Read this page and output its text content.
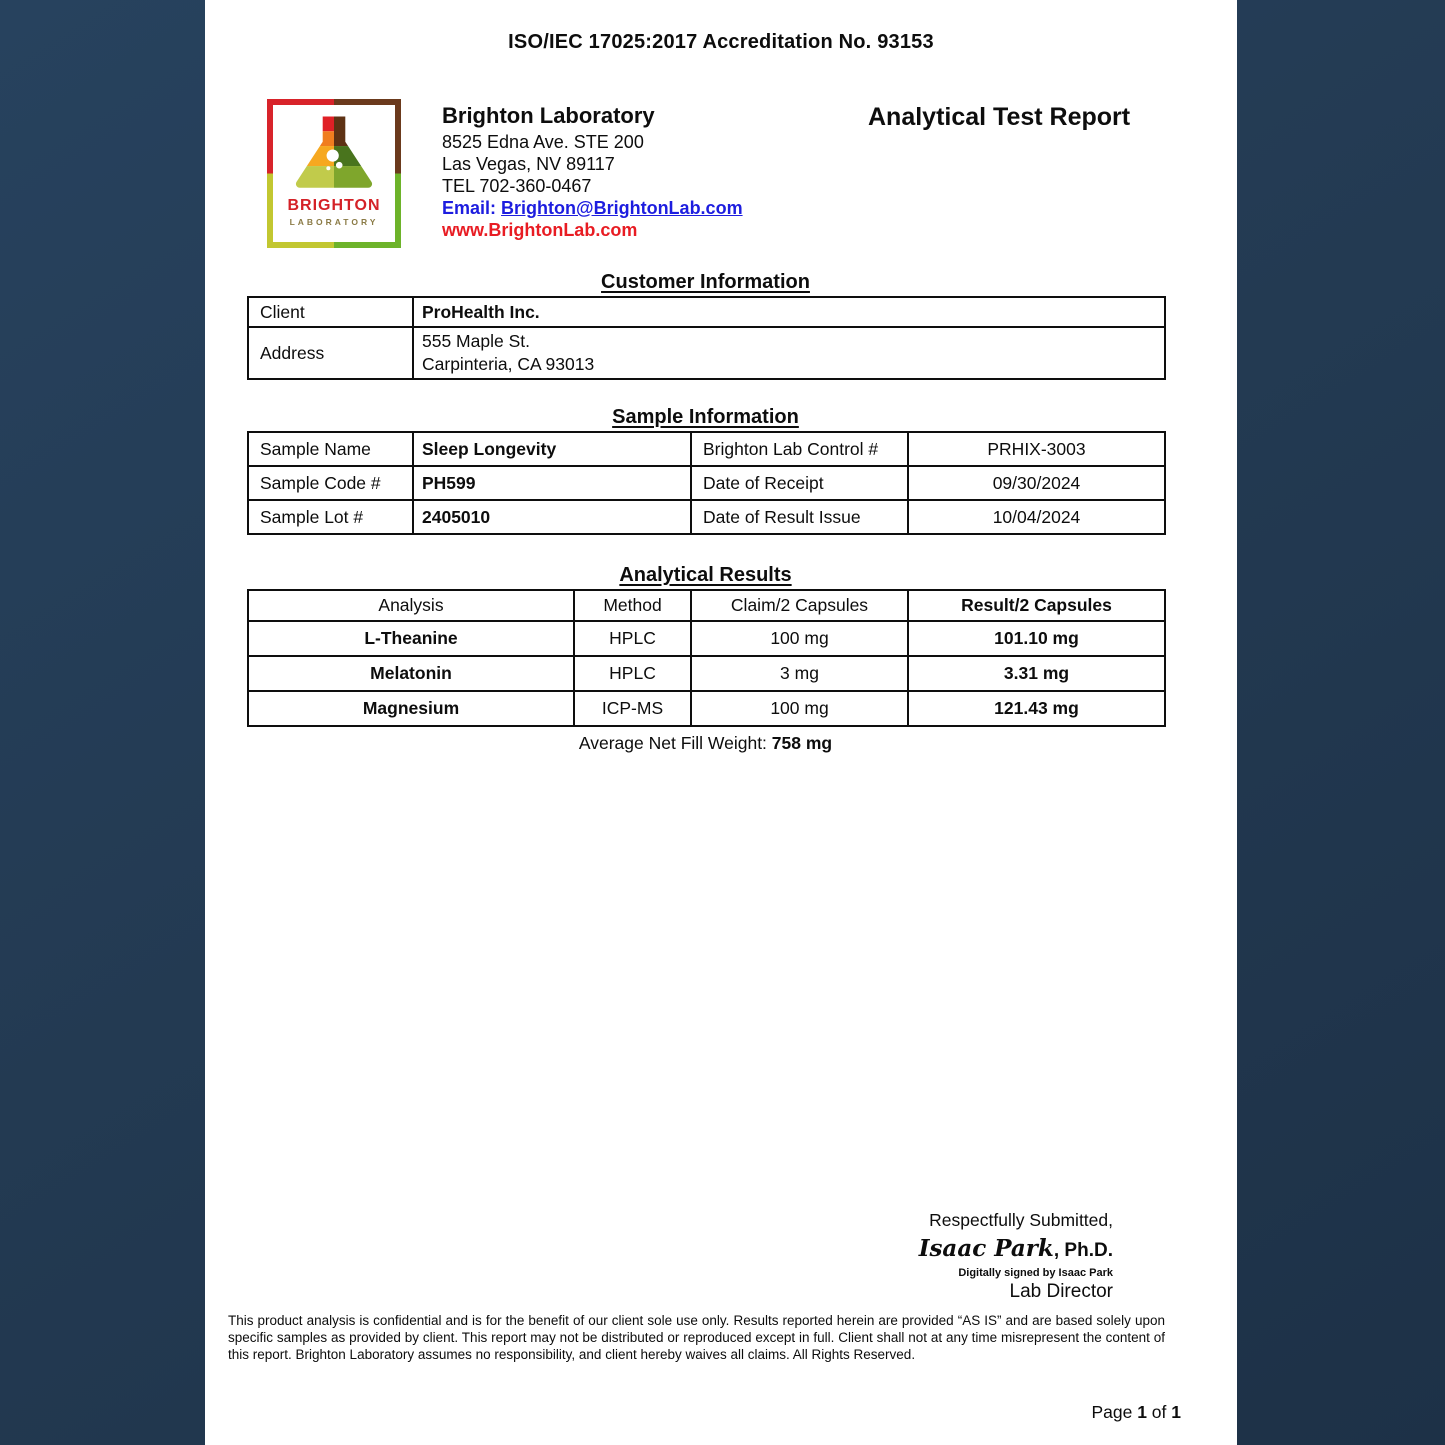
ISO/IEC 17025:2017 Accreditation No. 93153
BRIGHTON
LABORATORY
Brighton Laboratory
8525 Edna Ave. STE 200
Las Vegas, NV 89117
TEL 702-360-0467
Email: Brighton@BrightonLab.com
www.BrightonLab.com
Analytical Test Report
Customer Information
Client	ProHealth Inc.
Address	555 Maple St.
Carpinteria, CA 93013
Sample Information
Sample Name	Sleep Longevity	Brighton Lab Control #	PRHIX-3003
Sample Code #	PH599	Date of Receipt	09/30/2024
Sample Lot #	2405010	Date of Result Issue	10/04/2024
Analytical Results
Analysis	Method	Claim/2 Capsules	Result/2 Capsules
L-Theanine	HPLC	100 mg	101.10 mg
Melatonin	HPLC	3 mg	3.31 mg
Magnesium	ICP-MS	100 mg	121.43 mg
Average Net Fill Weight: 758 mg
Respectfully Submitted,
Isaac Park, Ph.D.
Digitally signed by Isaac Park
Lab Director

This product analysis is confidential and is for the benefit of our client sole use only. Results reported herein are provided “AS IS” and are based solely upon specific samples as provided by client. This report may not be distributed or reproduced except in full. Client shall not at any time misrepresent the content of this report. Brighton Laboratory assumes no responsibility, and client hereby waives all claims. All Rights Reserved.

Page 1 of 1
